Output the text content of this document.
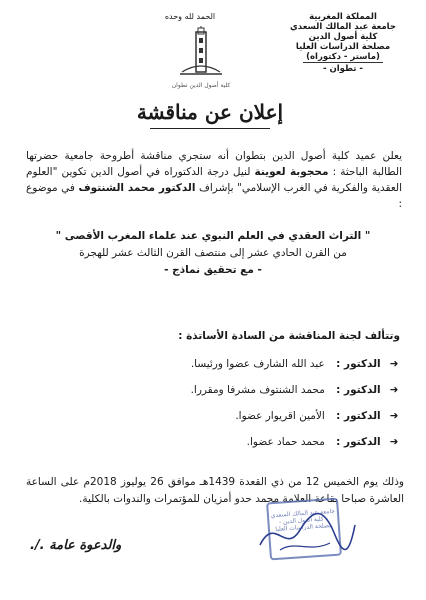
المملكة المغربية
جامعة عبد المالك السعدي
كلية أصول الدين
مصلحة الدراسات العليا
(ماستر - دكتوراه)
- تطوان -
الحمد لله وحده
كلية أصول الدين تطوان
إعلان عن مناقشة
يعلن عميد كلية أصول الدين بتطوان أنه ستجري مناقشة أطروحة جامعية حضرتها الطالبة الباحثة : محجوبة لعوينة لنيل درجة الدكتوراه في أصول الدين تكوين "العلوم العقدية والفكرية في الغرب الإسلامي" بإشراف الدكتور محمد الشنتوف في موضوع :
" التراث العقدي في العلم النبوي عند علماء المغرب الأقصى "
من القرن الحادي عشر إلى منتصف القرن الثالث عشر للهجرة
- مع تحقيق نماذج -
وتتألف لجنة المناقشة من السادة الأساتذة :
➜ الدكتور : عبد الله الشارف عضوا ورئيسا.
➜ الدكتور : محمد الشنتوف مشرفا ومقررا.
➜ الدكتور : الأمين اقريوار عضوا.
➜ الدكتور : محمد حماد عضوا.
وذلك يوم الخميس 12 من ذي القعدة 1439هـ موافق 26 يوليوز 2018م على الساعة العاشرة صباحا بقاعة العلامة محمد حدو أمزيان للمؤتمرات والندوات بالكلية.
جامعة عبد المالك السعدي - كلية أصول الدين - مصلحة الدراسات العليا
والدعوة عامة ./.
